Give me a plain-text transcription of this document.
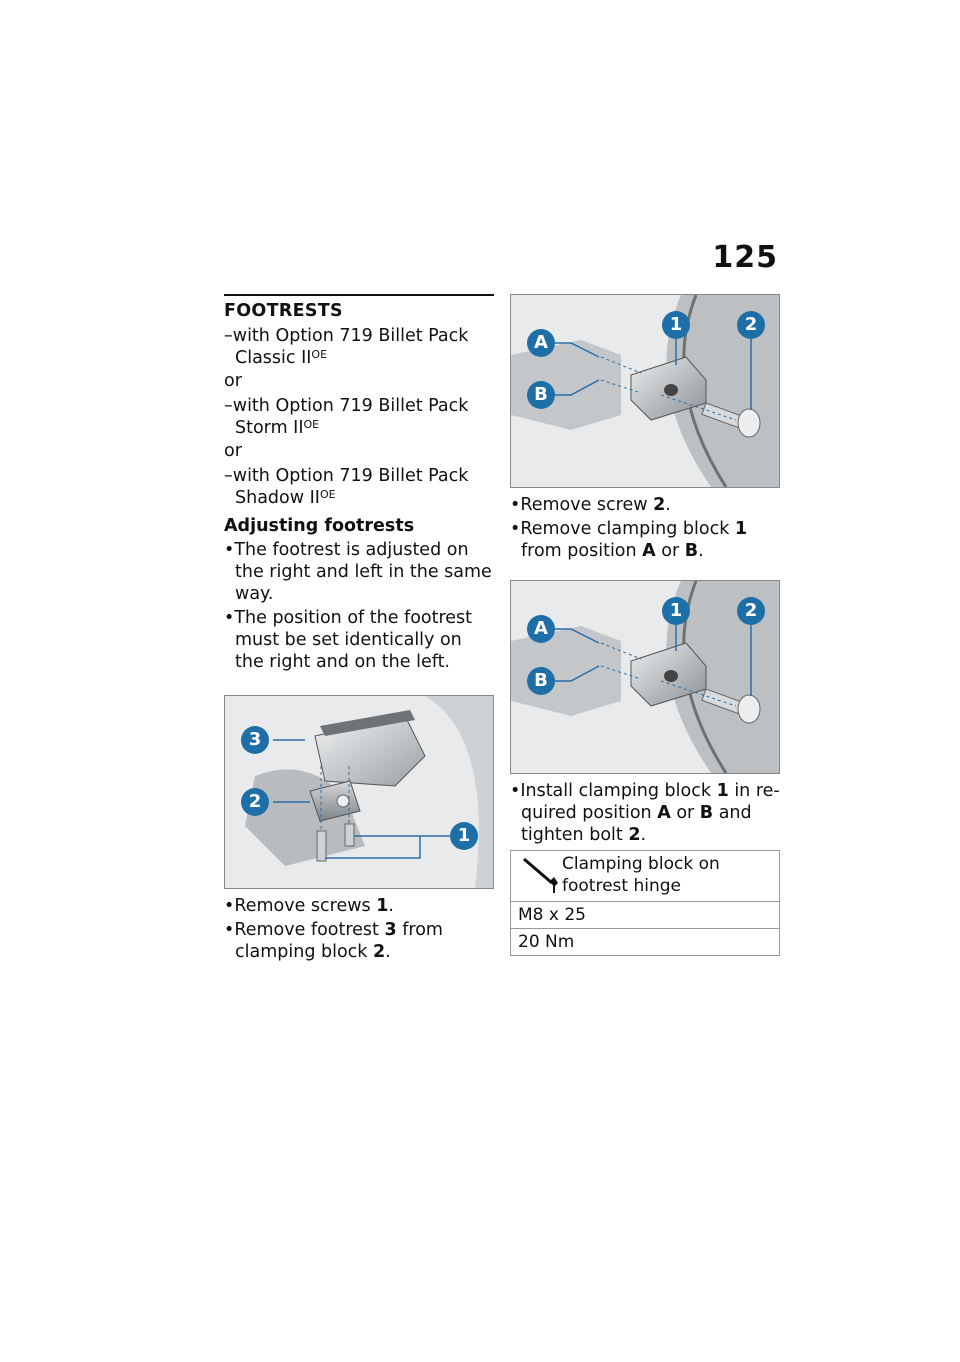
125
FOOTRESTS
–with Option 719 Billet Pack Classic $II^{OE}$
or
–with Option 719 Billet Pack Storm $II^{OE}$
or
–with Option 719 Billet Pack Shadow $II^{OE}$
Adjusting footrests
•The footrest is adjusted on the right and left in the same way.
•The position of the footrest must be set identically on the right and on the left.
3
2
1
•Remove screws 1.
•Remove footrest 3 from clamping block 2.
A
B
1	2
•Remove screw 2.
•Remove clamping block 1 from position A or B.
A
B
1	2
•Install clamping block 1 in re-quired position A or B and tighten bolt 2.
Clamping block on footrest hinge
M8 x 25
20 Nm
